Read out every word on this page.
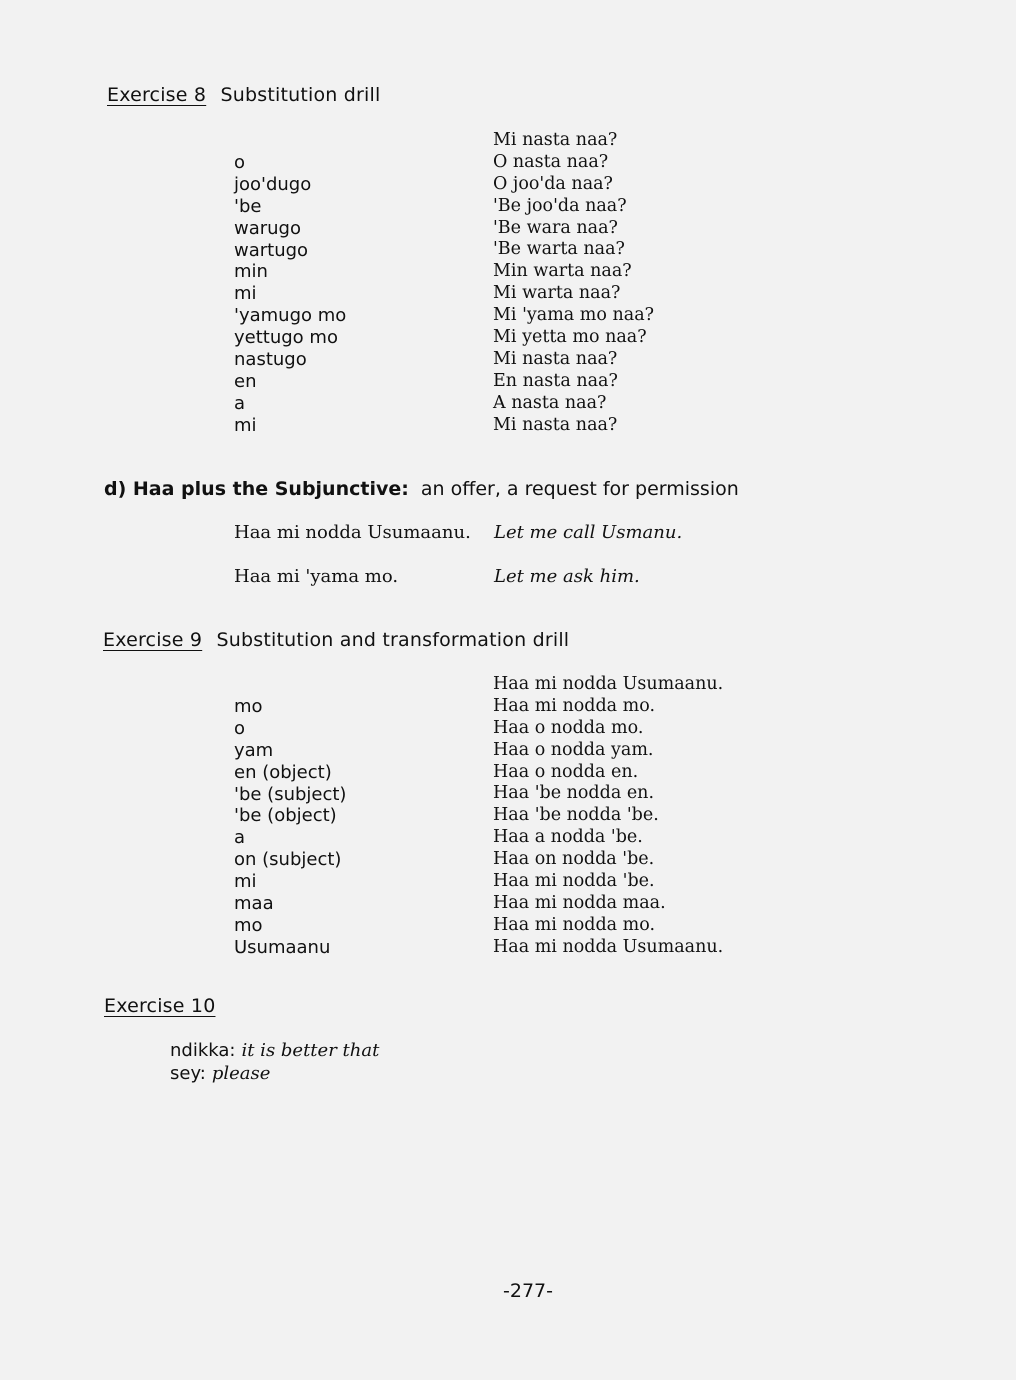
Exercise 8 Substitution drill
o
joo'dugo
'be
warugo
wartugo
min
mi
'yamugo mo
yettugo mo
nastugo
en
a
mi
Mi nasta naa?
O nasta naa?
O joo'da naa?
'Be joo'da naa?
'Be wara naa?
'Be warta naa?
Min warta naa?
Mi warta naa?
Mi 'yama mo naa?
Mi yetta mo naa?
Mi nasta naa?
En nasta naa?
A nasta naa?
Mi nasta naa?
d) Haa plus the Subjunctive: an offer, a request for permission
Haa mi nodda Usumaanu. Let me call Usmanu.
Haa mi 'yama mo.	Let me ask him.
Exercise 9 Substitution and transformation drill
mo
o
yam
en (object)
'be (subject)
'be (object)
a
on (subject)
mi
maa
mo
Usumaanu
Haa mi nodda Usumaanu.
Haa mi nodda mo.
Haa o nodda mo.
Haa o nodda yam.
Haa o nodda en.
Haa 'be nodda en.
Haa 'be nodda 'be.
Haa a nodda 'be.
Haa on nodda 'be.
Haa mi nodda 'be.
Haa mi nodda maa.
Haa mi nodda mo.
Haa mi nodda Usumaanu.
Exercise 10
ndikka: it is better that
sey: please
-277-
